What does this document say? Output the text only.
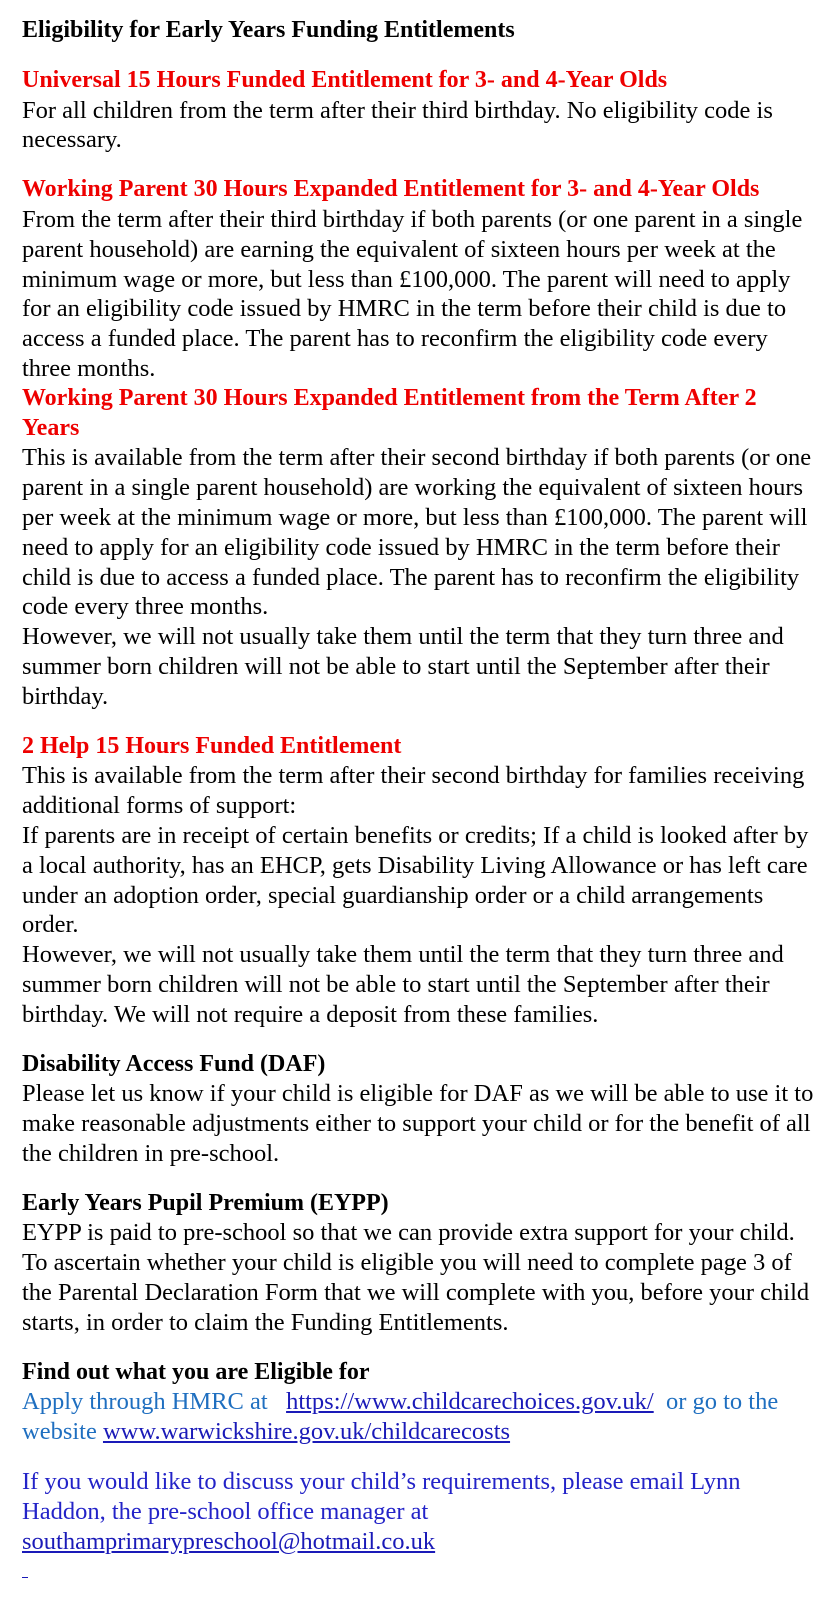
Eligibility for Early Years Funding Entitlements

Universal 15 Hours Funded Entitlement for 3- and 4-Year Olds

For all children from the term after their third birthday. No eligibility code is necessary.

Working Parent 30 Hours Expanded Entitlement for 3- and 4-Year Olds

From the term after their third birthday if both parents (or one parent in a single parent household) are earning the equivalent of sixteen hours per week at the minimum wage or more, but less than £100,000. The parent will need to apply for an eligibility code issued by HMRC in the term before their child is due to access a funded place. The parent has to reconfirm the eligibility code every three months.

Working Parent 30 Hours Expanded Entitlement from the Term After 2 Years

This is available from the term after their second birthday if both parents (or one parent in a single parent household) are working the equivalent of sixteen hours per week at the minimum wage or more, but less than £100,000. The parent will need to apply for an eligibility code issued by HMRC in the term before their child is due to access a funded place. The parent has to reconfirm the eligibility code every three months.

However, we will not usually take them until the term that they turn three and summer born children will not be able to start until the September after their birthday.

2 Help 15 Hours Funded Entitlement

This is available from the term after their second birthday for families receiving additional forms of support:

If parents are in receipt of certain benefits or credits; If a child is looked after by a local authority, has an EHCP, gets Disability Living Allowance or has left care under an adoption order, special guardianship order or a child arrangements order.

However, we will not usually take them until the term that they turn three and summer born children will not be able to start until the September after their birthday. We will not require a deposit from these families.

Disability Access Fund (DAF)

Please let us know if your child is eligible for DAF as we will be able to use it to make reasonable adjustments either to support your child or for the benefit of all the children in pre-school.

Early Years Pupil Premium (EYPP)

EYPP is paid to pre-school so that we can provide extra support for your child. To ascertain whether your child is eligible you will need to complete page 3 of the Parental Declaration Form that we will complete with you, before your child starts, in order to claim the Funding Entitlements.

Find out what you are Eligible for

Apply through HMRC at https://www.childcarechoices.gov.uk/ or go to the website www.warwickshire.gov.uk/childcarecosts

If you would like to discuss your child’s requirements, please email Lynn Haddon, the pre-school office manager at
southamprimarypreschool@hotmail.co.uk
